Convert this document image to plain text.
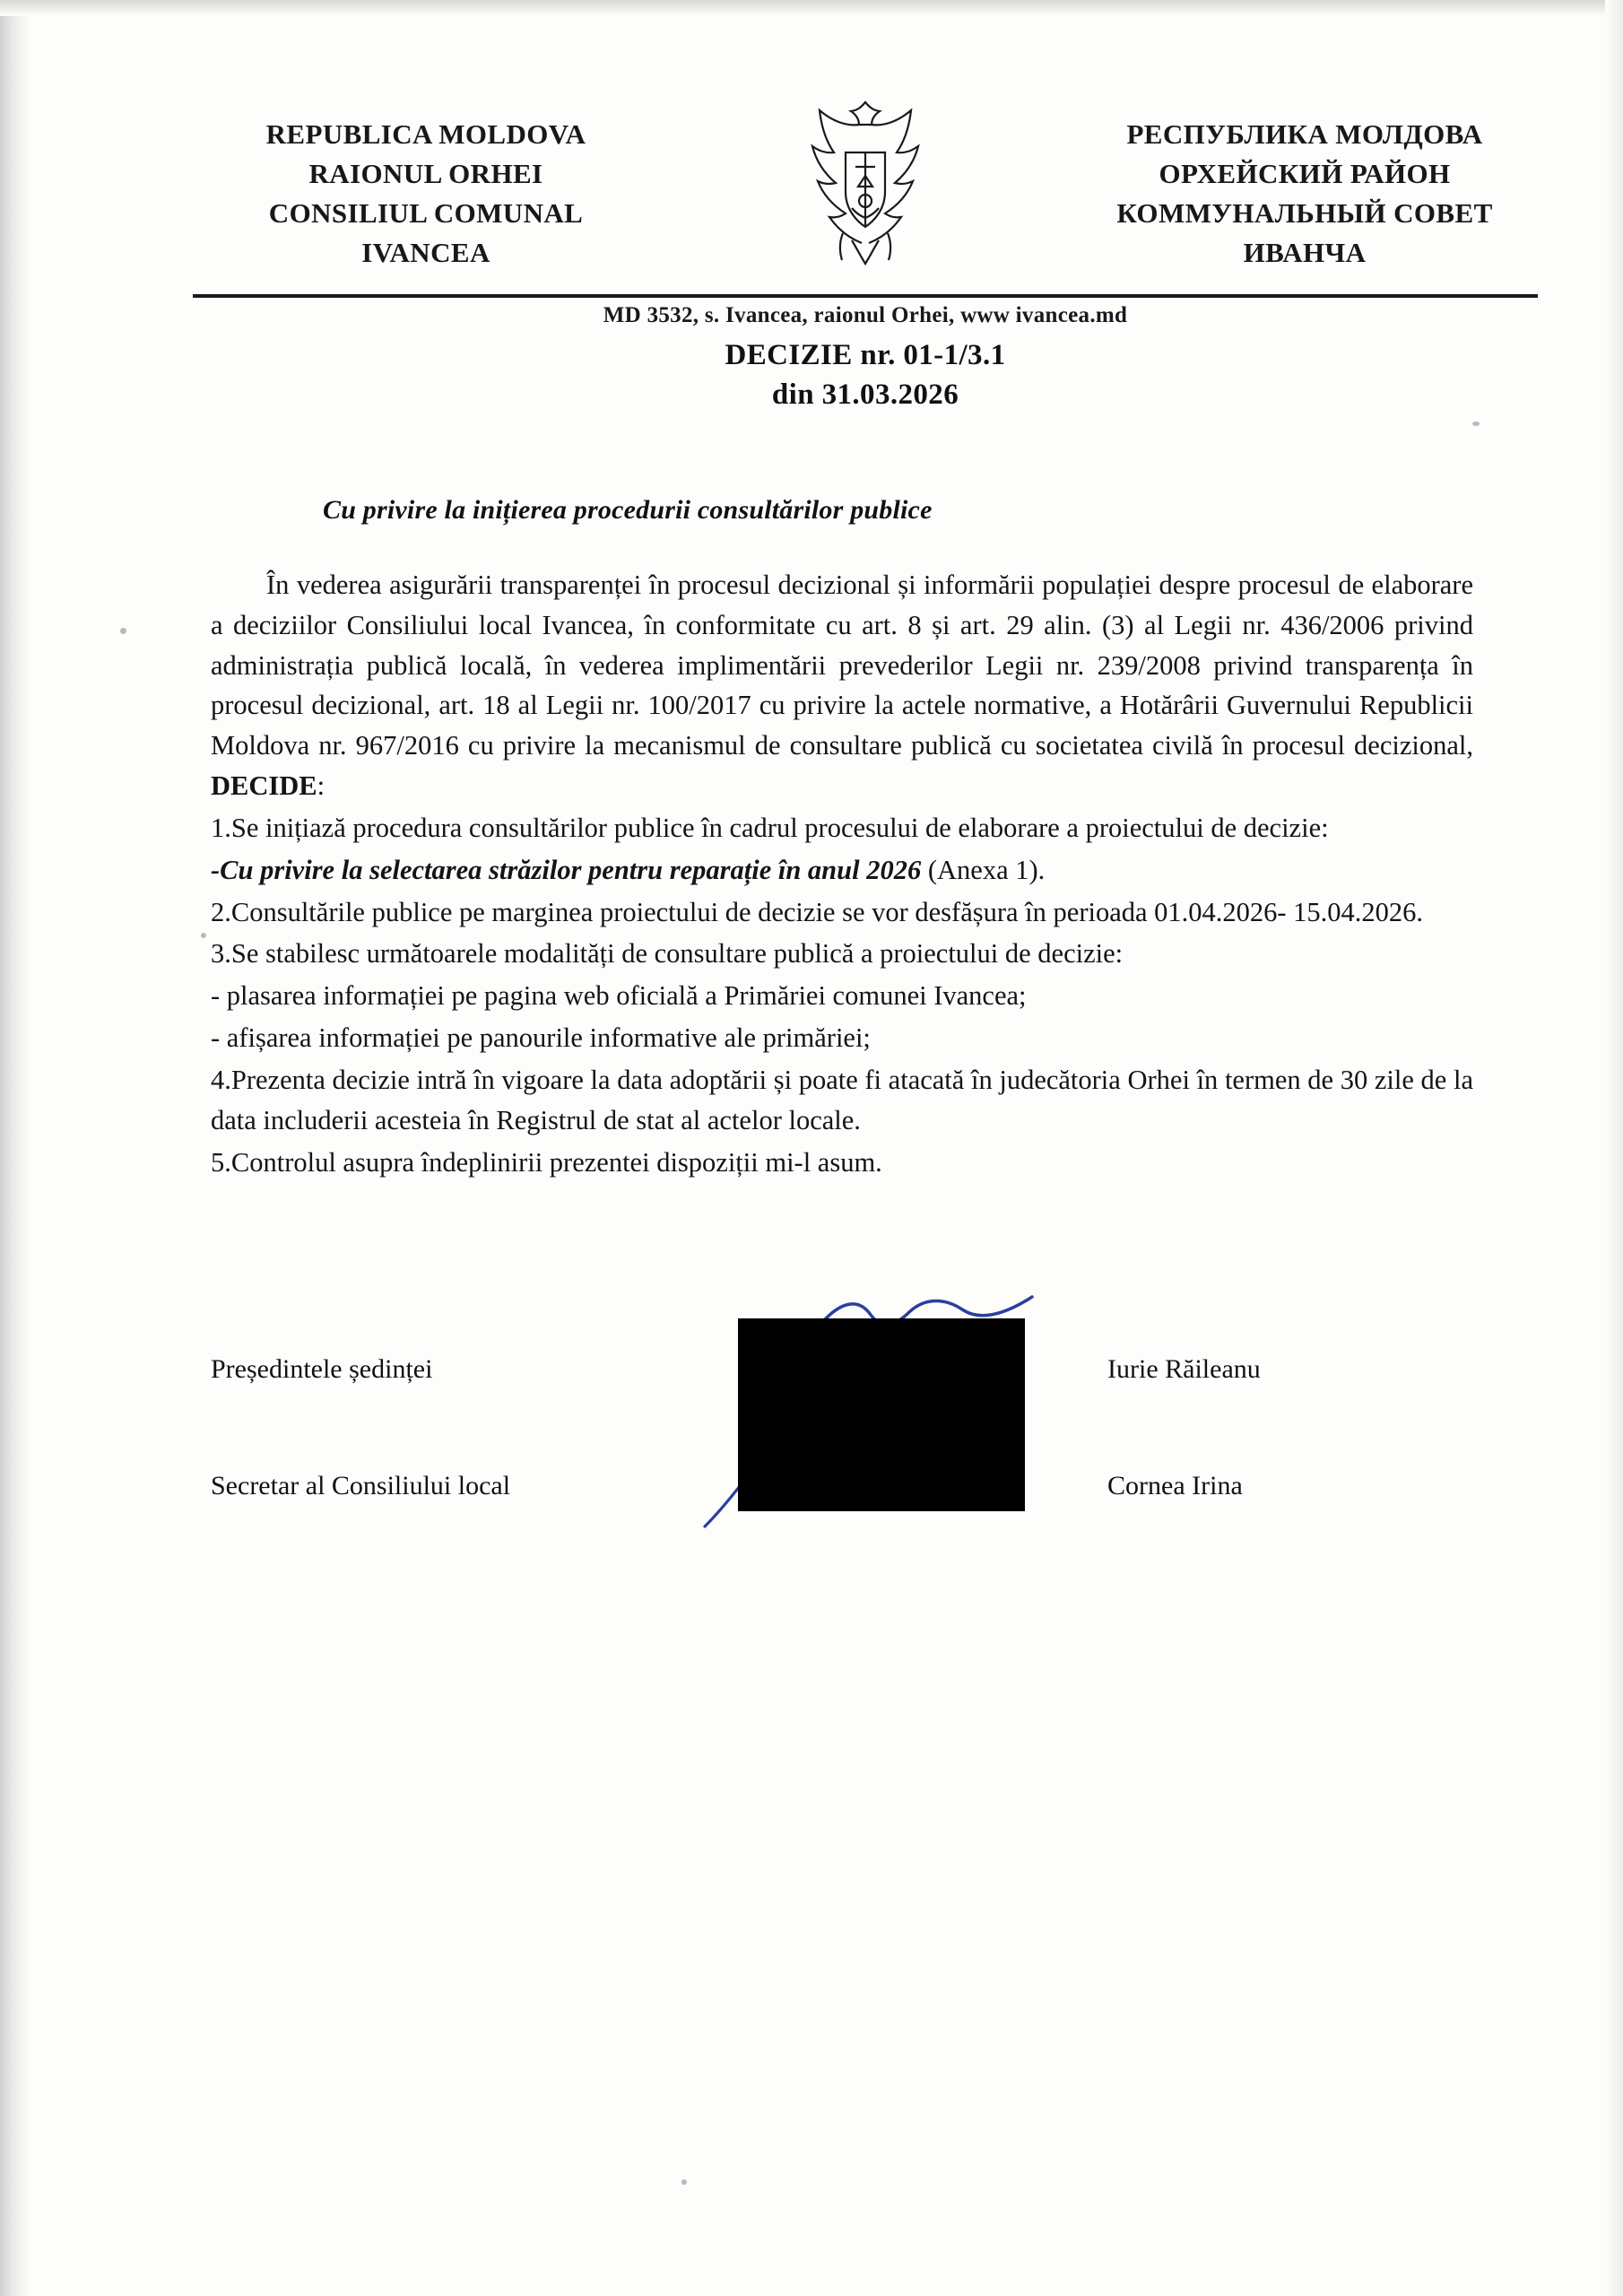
REPUBLICA MOLDOVA
RAIONUL ORHEI
CONSILIUL COMUNAL
IVANCEA
РЕСПУБЛИКА МОЛДОВА
ОРХЕЙСКИЙ РАЙОН
КОММУНАЛЬНЫЙ СОВЕТ
ИВАНЧА
MD 3532, s. Ivancea, raionul Orhei, www ivancea.md
DECIZIE nr. 01-1/3.1
din 31.03.2026
Cu privire la inițierea procedurii consultărilor publice

În vederea asigurării transparenței în procesul decizional și informării populației despre procesul de elaborare a deciziilor Consiliului local Ivancea, în conformitate cu art. 8 și art. 29 alin. (3) al Legii nr. 436/2006 privind administrația publică locală, în vederea implimentării prevederilor Legii nr. 239/2008 privind transparența în procesul decizional, art. 18 al Legii nr. 100/2017 cu privire la actele normative, a Hotărârii Guvernului Republicii Moldova nr. 967/2016 cu privire la mecanismul de consultare publică cu societatea civilă în procesul decizional, DECIDE:

1.Se inițiază procedura consultărilor publice în cadrul procesului de elaborare a proiectului de decizie:

-Cu privire la selectarea străzilor pentru reparație în anul 2026 (Anexa 1).

2.Consultările publice pe marginea proiectului de decizie se vor desfășura în perioada 01.04.2026- 15.04.2026.

3.Se stabilesc următoarele modalități de consultare publică a proiectului de decizie:

- plasarea informației pe pagina web oficială a Primăriei comunei Ivancea;

- afișarea informației pe panourile informative ale primăriei;

4.Prezenta decizie intră în vigoare la data adoptării și poate fi atacată în judecătoria Orhei în termen de 30 zile de la data includerii acesteia în Registrul de stat al actelor locale.

5.Controlul asupra îndeplinirii prezentei dispoziții mi-l asum.

Președintele ședinței	Iurie Răileanu
Secretar al Consiliului local	Cornea Irina
